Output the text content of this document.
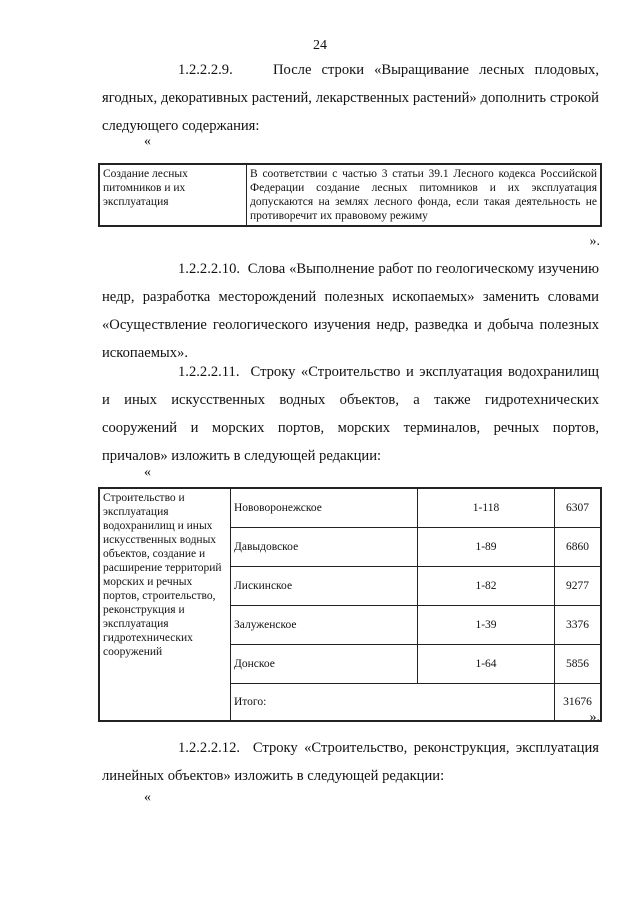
24

1.2.2.2.9.	После строки «Выращивание лесных плодовых, ягодных, декоративных растений, лекарственных растений» дополнить строкой следующего содержания:

«

Создание лесных питомников и их эксплуатация	В соответствии с частью 3 статьи 39.1 Лесного кодекса Российской Федерации создание лесных питомников и их эксплуатация допускаются на землях лесного фонда, если такая деятельность не противоречит их правовому режиму

».

1.2.2.2.10. Слова «Выполнение работ по геологическому изучению недр, разработка месторождений полезных ископаемых» заменить словами «Осуществление геологического изучения недр, разведка и добыча полезных ископаемых».

1.2.2.2.11. Строку «Строительство и эксплуатация водохранилищ и иных искусственных водных объектов, а также гидротехнических сооружений и морских портов, морских терминалов, речных портов, причалов» изложить в следующей редакции:

«

Строительство и эксплуатация водохранилищ и иных искусственных водных объектов, создание и расширение территорий морских и речных портов, строительство, реконструкция и эксплуатация гидротехнических сооружений	Нововоронежское	1-118	6307
	Давыдовское	1-89	6860
	Лискинское	1-82	9277
	Залуженское	1-39	3376
	Донское	1-64	5856
	Итого:		31676

».

1.2.2.2.12. Строку «Строительство, реконструкция, эксплуатация линейных объектов» изложить в следующей редакции:

«
